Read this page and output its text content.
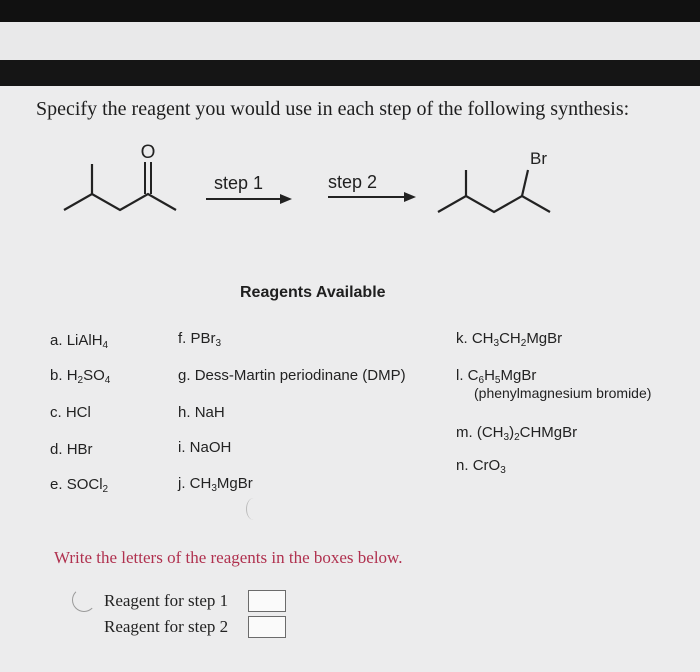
Specify the reagent you would use in each step of the following synthesis:
O
step 1	step 2
Br
Reagents Available
a. LiAlH$_4$
b. $H_2SO_4$
c. HCl
d. HBr
e. SOCl$_2$
f. PBr$_3$
g. Dess-Martin periodinane (DMP)
h. NaH
i. NaOH
j. $CH_3MgBr$
k. $CH_3CH_2MgBr$
l. $C_6H_5MgBr$
(phenylmagnesium bromide)
m. $(CH_3)_2CHMgBr$
n. CrO$_3$
Write the letters of the reagents in the boxes below.
Reagent for step 1
Reagent for step 2
